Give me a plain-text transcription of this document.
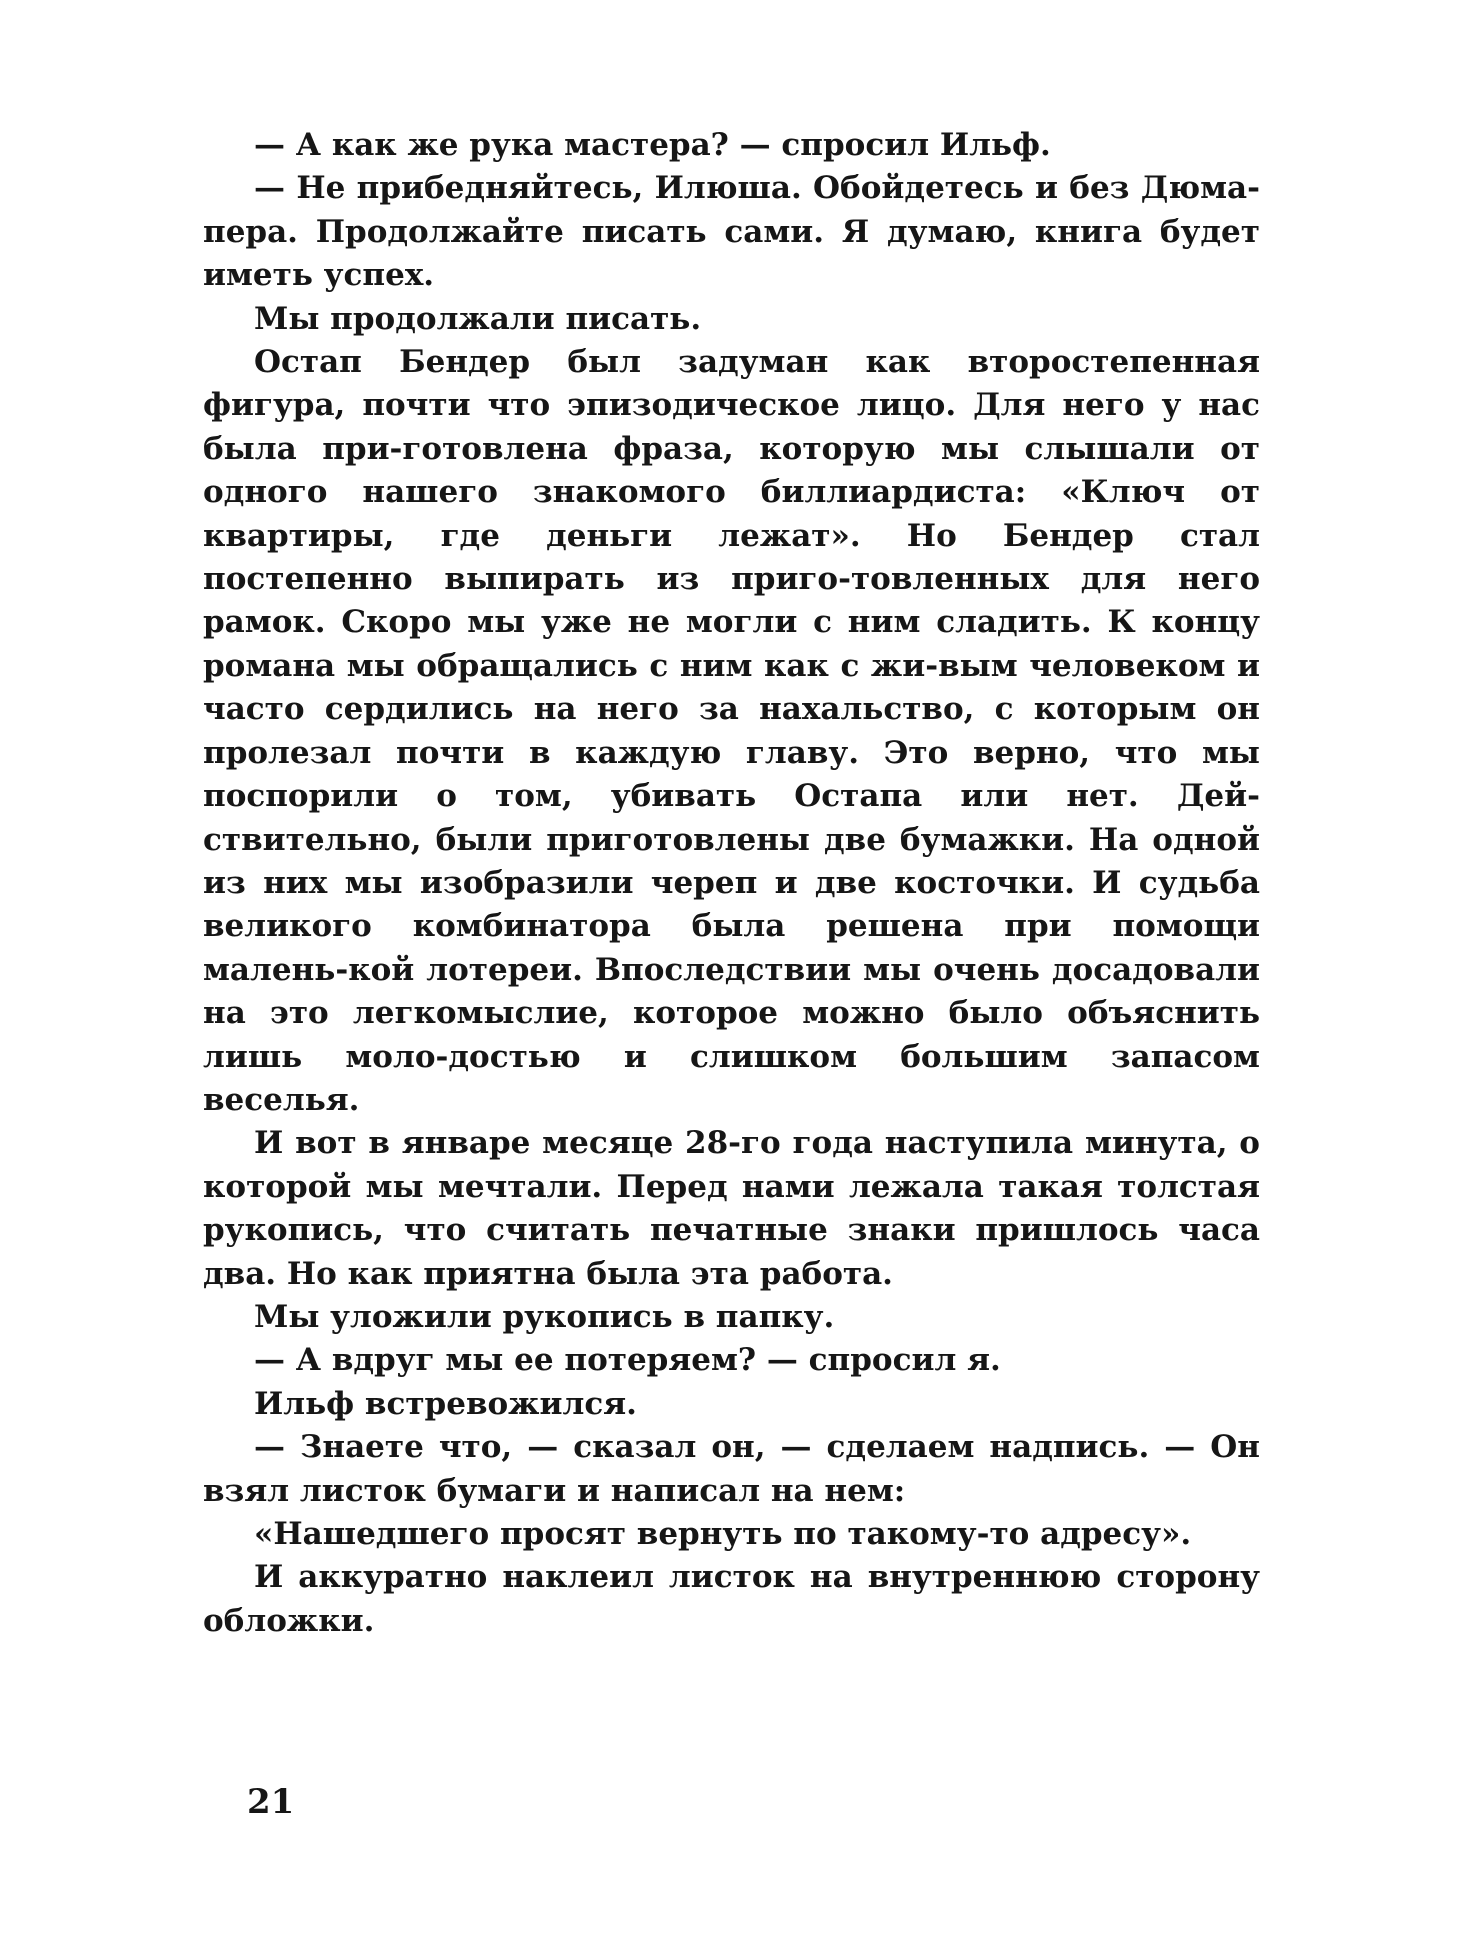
— А как же рука мастера? — спросил Ильф.

— Не прибедняйтесь, Илюша. Обойдетесь и без Дюма-пера. Продолжайте писать сами. Я думаю, книга будет иметь успех.

Мы продолжали писать.

Остап Бендер был задуман как второстепенная фигура, почти что эпизодическое лицо. Для него у нас была при-готовлена фраза, которую мы слышали от одного нашего знакомого биллиардиста: «Ключ от квартиры, где деньги лежат». Но Бендер стал постепенно выпирать из приго-товленных для него рамок. Скоро мы уже не могли с ним сладить. К концу романа мы обращались с ним как с жи-вым человеком и часто сердились на него за нахальство, с которым он пролезал почти в каждую главу. Это верно, что мы поспорили о том, убивать Остапа или нет. Дей-ствительно, были приготовлены две бумажки. На одной из них мы изобразили череп и две косточки. И судьба великого комбинатора была решена при помощи малень-кой лотереи. Впоследствии мы очень досадовали на это легкомыслие, которое можно было объяснить лишь моло-достью и слишком большим запасом веселья.

И вот в январе месяце 28-го года наступила минута, о которой мы мечтали. Перед нами лежала такая толстая рукопись, что считать печатные знаки пришлось часа два. Но как приятна была эта работа.

Мы уложили рукопись в папку.

— А вдруг мы ее потеряем? — спросил я.

Ильф встревожился.

— Знаете что, — сказал он, — сделаем надпись. — Он взял листок бумаги и написал на нем:

«Нашедшего просят вернуть по такому-то адресу».

И аккуратно наклеил листок на внутреннюю сторону обложки.

21
